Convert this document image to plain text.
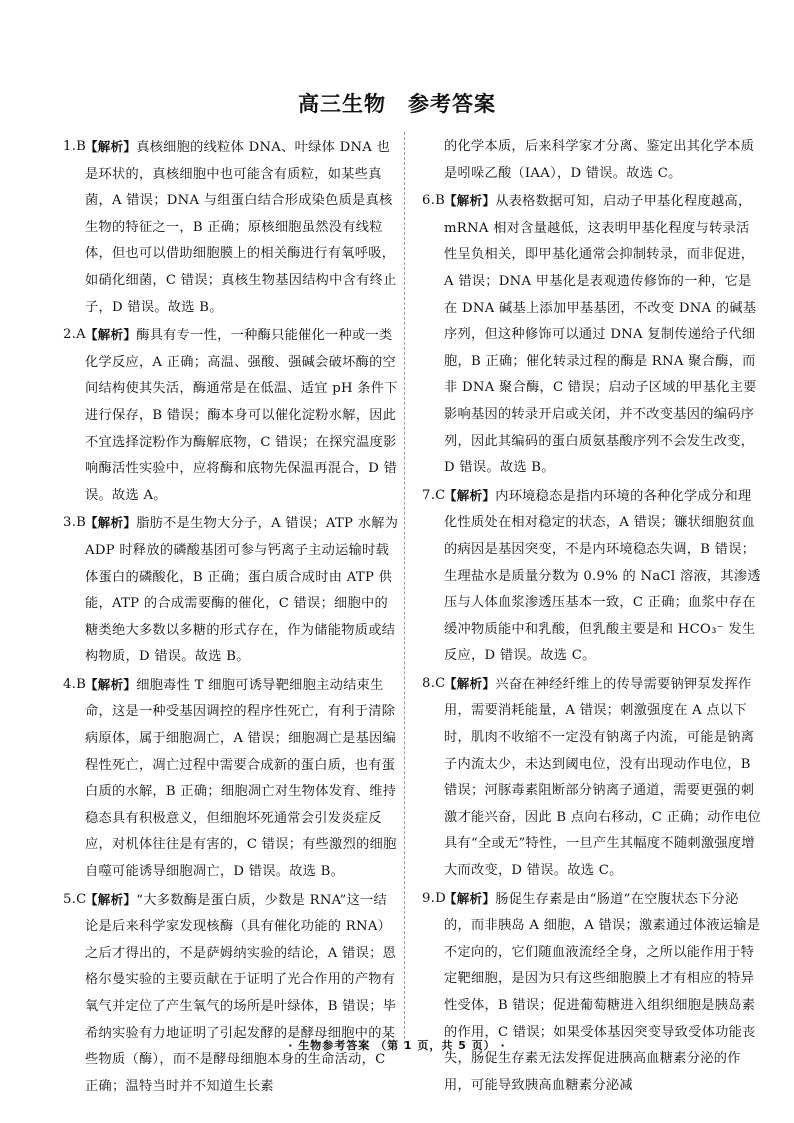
高三生物　参考答案
1.B
【解析】真核细胞的线粒体 DNA、叶绿体 DNA 也是环状的，真核细胞中也可能含有质粒，如某些真菌，A 错误；DNA 与组蛋白结合形成染色质是真核生物的特征之一，B 正确；原核细胞虽然没有线粒体，但也可以借助细胞膜上的相关酶进行有氧呼吸，如硝化细菌，C 错误；真核生物基因结构中含有终止子，D 错误。故选 B。
2.A
【解析】酶具有专一性，一种酶只能催化一种或一类化学反应，A 正确；高温、强酸、强碱会破坏酶的空间结构使其失活，酶通常是在低温、适宜 pH 条件下进行保存，B 错误；酶本身可以催化淀粉水解，因此不宜选择淀粉作为酶解底物，C 错误；在探究温度影响酶活性实验中，应将酶和底物先保温再混合，D 错误。故选 A。
3.B
【解析】脂肪不是生物大分子，A 错误；ATP 水解为 ADP 时释放的磷酸基团可参与钙离子主动运输时载体蛋白的磷酸化，B 正确；蛋白质合成时由 ATP 供能，ATP 的合成需要酶的催化，C 错误；细胞中的糖类绝大多数以多糖的形式存在，作为储能物质或结构物质，D 错误。故选 B。
4.B
【解析】细胞毒性 T 细胞可诱导靶细胞主动结束生命，这是一种受基因调控的程序性死亡，有利于清除病原体，属于细胞凋亡，A 错误；细胞凋亡是基因编程性死亡，凋亡过程中需要合成新的蛋白质，也有蛋白质的水解，B 正确；细胞凋亡对生物体发育、维持稳态具有积极意义，但细胞坏死通常会引发炎症反应，对机体往往是有害的，C 错误；有些激烈的细胞自噬可能诱导细胞凋亡，D 错误。故选 B。
5.C
【解析】“大多数酶是蛋白质，少数是 RNA”这一结论是后来科学家发现核酶（具有催化功能的 RNA）之后才得出的，不是萨姆纳实验的结论，A 错误；恩格尔曼实验的主要贡献在于证明了光合作用的产物有氧气并定位了产生氧气的场所是叶绿体，B 错误；毕希纳实验有力地证明了引起发酵的是酵母细胞中的某些物质（酶），而不是酵母细胞本身的生命活动，C 正确；温特当时并不知道生长素
的化学本质，后来科学家才分离、鉴定出其化学本质是吲哚乙酸（IAA），D 错误。故选 C。
6.B
【解析】从表格数据可知，启动子甲基化程度越高，mRNA 相对含量越低，这表明甲基化程度与转录活性呈负相关，即甲基化通常会抑制转录，而非促进，A 错误；DNA 甲基化是表观遗传修饰的一种，它是在 DNA 碱基上添加甲基基团，不改变 DNA 的碱基序列，但这种修饰可以通过 DNA 复制传递给子代细胞，B 正确；催化转录过程的酶是 RNA 聚合酶，而非 DNA 聚合酶，C 错误；启动子区域的甲基化主要影响基因的转录开启或关闭，并不改变基因的编码序列，因此其编码的蛋白质氨基酸序列不会发生改变，D 错误。故选 B。
7.C
【解析】内环境稳态是指内环境的各种化学成分和理化性质处在相对稳定的状态，A 错误；镰状细胞贫血的病因是基因突变，不是内环境稳态失调，B 错误；生理盐水是质量分数为 0.9% 的 NaCl 溶液，其渗透压与人体血浆渗透压基本一致，C 正确；血浆中存在缓冲物质能中和乳酸，但乳酸主要是和 HCO₃⁻ 发生反应，D 错误。故选 C。
8.C
【解析】兴奋在神经纤维上的传导需要钠钾泵发挥作用，需要消耗能量，A 错误；刺激强度在 A 点以下时，肌肉不收缩不一定没有钠离子内流，可能是钠离子内流太少，未达到阈电位，没有出现动作电位，B 错误；河豚毒素阻断部分钠离子通道，需要更强的刺激才能兴奋，因此 B 点向右移动，C 正确；动作电位具有“全或无”特性，一旦产生其幅度不随刺激强度增大而改变，D 错误。故选 C。
9.D
【解析】肠促生存素是由“肠道”在空腹状态下分泌的，而非胰岛 A 细胞，A 错误；激素通过体液运输是不定向的，它们随血液流经全身，之所以能作用于特定靶细胞，是因为只有这些细胞膜上才有相应的特异性受体，B 错误；促进葡萄糖进入组织细胞是胰岛素的作用，C 错误；如果受体基因突变导致受体功能丧失，肠促生存素无法发挥促进胰高血糖素分泌的作用，可能导致胰高血糖素分泌减
· 生物参考答案 （第 1 页，共 5 页） ·
